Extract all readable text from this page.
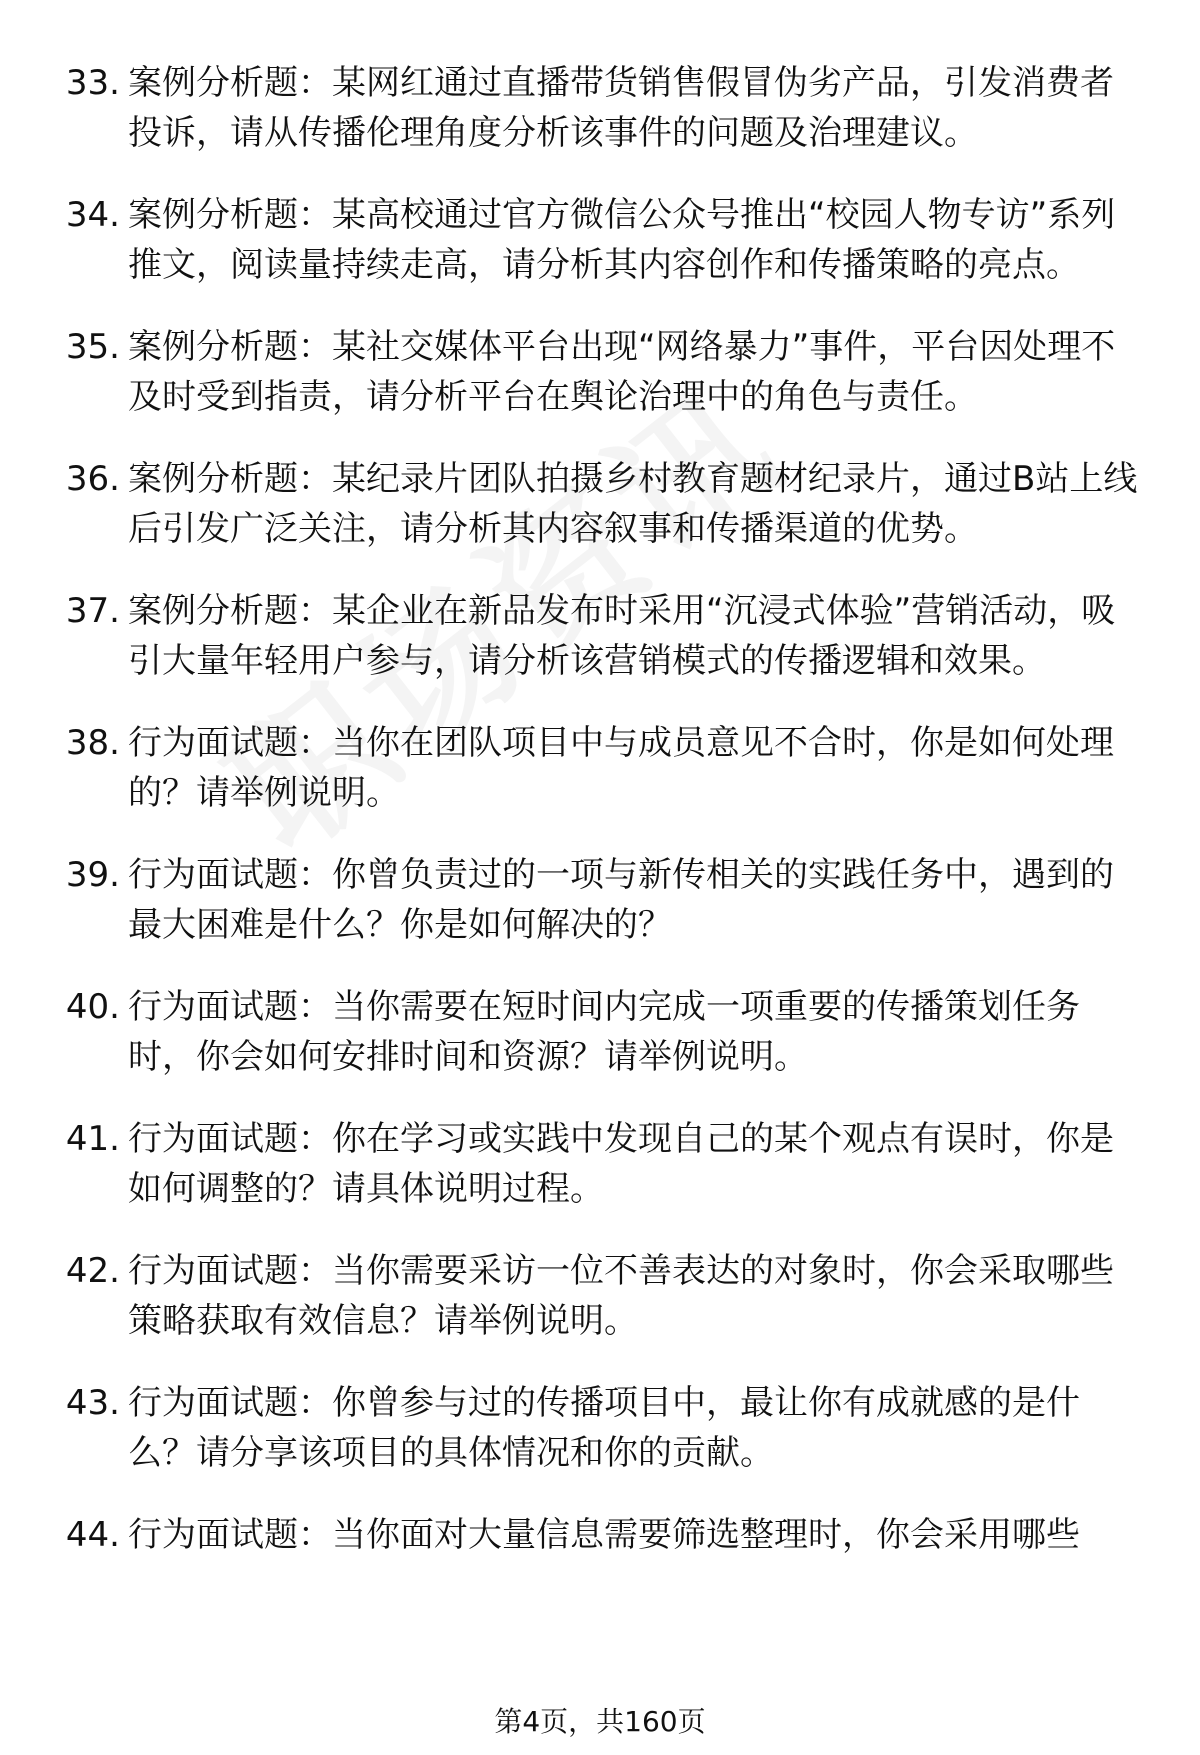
33. 案例分析题：某网红通过直播带货销售假冒伪劣产品，引发消费者投诉，请从传播伦理角度分析该事件的问题及治理建议。
34. 案例分析题：某高校通过官方微信公众号推出“校园人物专访”系列推文，阅读量持续走高，请分析其内容创作和传播策略的亮点。
35. 案例分析题：某社交媒体平台出现“网络暴力”事件，平台因处理不及时受到指责，请分析平台在舆论治理中的角色与责任。
36. 案例分析题：某纪录片团队拍摄乡村教育题材纪录片，通过B站上线后引发广泛关注，请分析其内容叙事和传播渠道的优势。
37. 案例分析题：某企业在新品发布时采用“沉浸式体验”营销活动，吸引大量年轻用户参与，请分析该营销模式的传播逻辑和效果。
38. 行为面试题：当你在团队项目中与成员意见不合时，你是如何处理的？请举例说明。
39. 行为面试题：你曾负责过的一项与新传相关的实践任务中，遇到的最大困难是什么？你是如何解决的？
40. 行为面试题：当你需要在短时间内完成一项重要的传播策划任务时，你会如何安排时间和资源？请举例说明。
41. 行为面试题：你在学习或实践中发现自己的某个观点有误时，你是如何调整的？请具体说明过程。
42. 行为面试题：当你需要采访一位不善表达的对象时，你会采取哪些策略获取有效信息？请举例说明。
43. 行为面试题：你曾参与过的传播项目中，最让你有成就感的是什么？请分享该项目的具体情况和你的贡献。
44. 行为面试题：当你面对大量信息需要筛选整理时，你会采用哪些
第4页，共160页
